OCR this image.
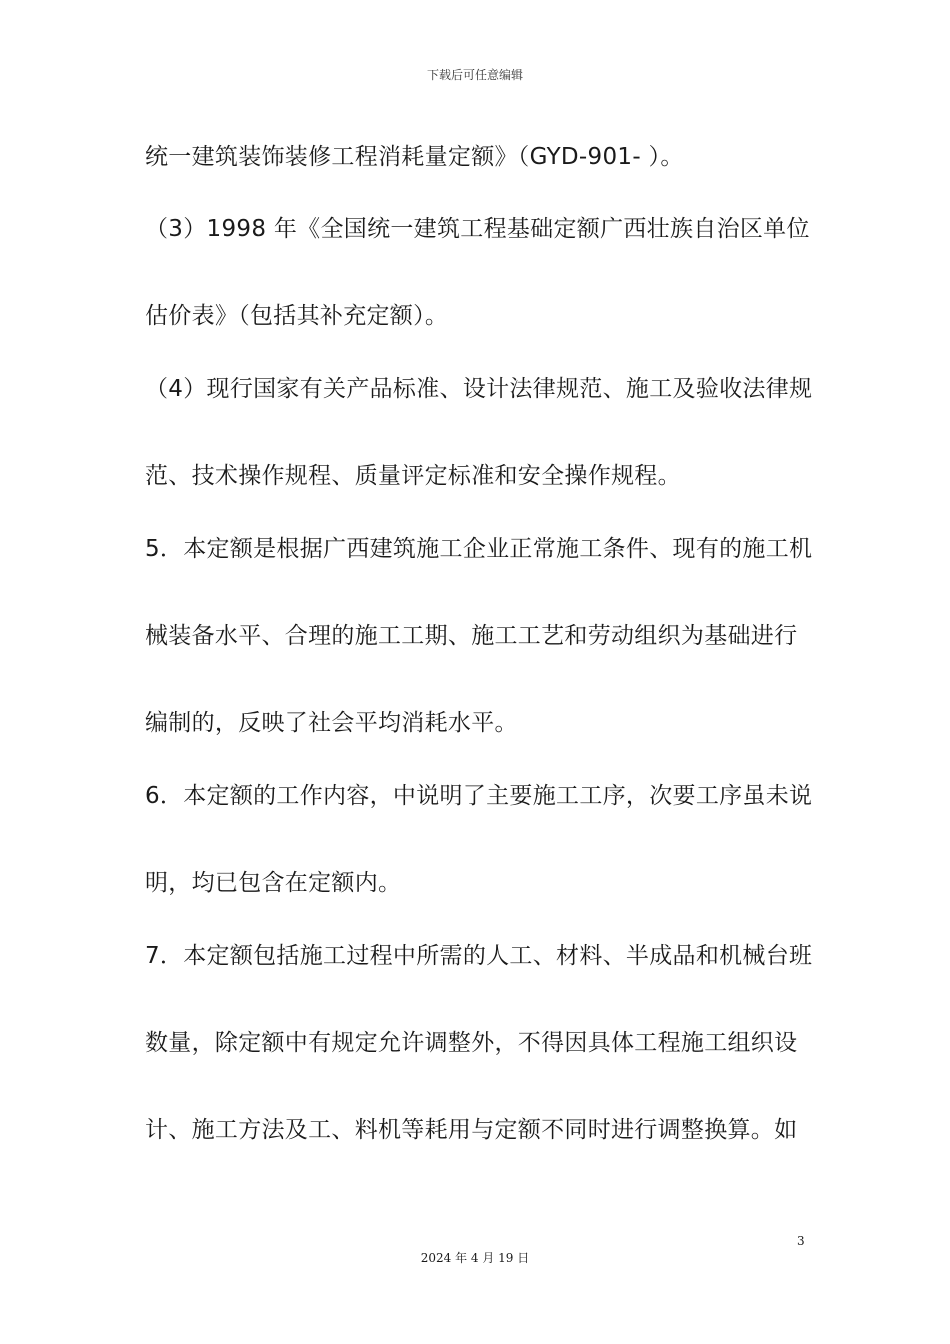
下载后可任意编辑
统一建筑装饰装修工程消耗量定额》（GYD-901- ）。
（3）1998 年《全国统一建筑工程基础定额广西壮族自治区单位
估价表》（包括其补充定额）。
（4）现行国家有关产品标准、设计法律规范、施工及验收法律规
范、技术操作规程、质量评定标准和安全操作规程。
5．本定额是根据广西建筑施工企业正常施工条件、现有的施工机
械装备水平、合理的施工工期、施工工艺和劳动组织为基础进行
编制的，反映了社会平均消耗水平。
6．本定额的工作内容，中说明了主要施工工序，次要工序虽未说
明，均已包含在定额内。
7．本定额包括施工过程中所需的人工、材料、半成品和机械台班
数量，除定额中有规定允许调整外，不得因具体工程施工组织设
计、施工方法及工、料机等耗用与定额不同时进行调整换算。如
3
2024 年 4 月 19 日
